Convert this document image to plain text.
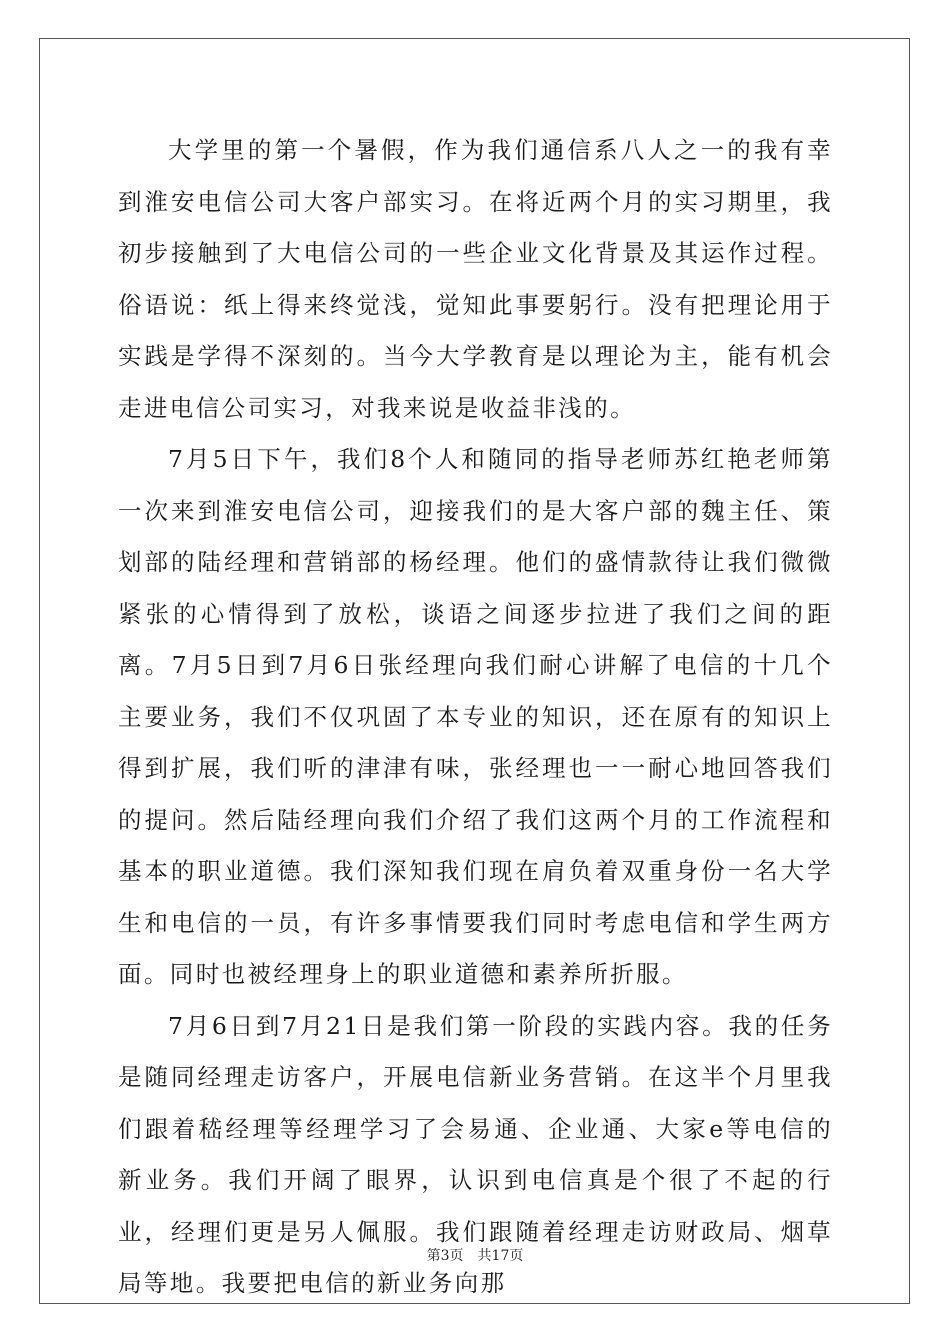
大学里的第一个暑假，作为我们通信系八人之一的我有幸到淮安电信公司大客户部实习。在将近两个月的实习期里，我初步接触到了大电信公司的一些企业文化背景及其运作过程。俗语说：纸上得来终觉浅，觉知此事要躬行。没有把理论用于实践是学得不深刻的。当今大学教育是以理论为主，能有机会走进电信公司实习，对我来说是收益非浅的。

7月5日下午，我们8个人和随同的指导老师苏红艳老师第一次来到淮安电信公司，迎接我们的是大客户部的魏主任、策划部的陆经理和营销部的杨经理。他们的盛情款待让我们微微紧张的心情得到了放松，谈语之间逐步拉进了我们之间的距离。7月5日到7月6日张经理向我们耐心讲解了电信的十几个主要业务，我们不仅巩固了本专业的知识，还在原有的知识上得到扩展，我们听的津津有味，张经理也一一耐心地回答我们的提问。然后陆经理向我们介绍了我们这两个月的工作流程和基本的职业道德。我们深知我们现在肩负着双重身份一名大学生和电信的一员，有许多事情要我们同时考虑电信和学生两方面。同时也被经理身上的职业道德和素养所折服。

7月6日到7月21日是我们第一阶段的实践内容。我的任务是随同经理走访客户，开展电信新业务营销。在这半个月里我们跟着嵇经理等经理学习了会易通、企业通、大家e等电信的新业务。我们开阔了眼界，认识到电信真是个很了不起的行业，经理们更是另人佩服。我们跟随着经理走访财政局、烟草局等地。我要把电信的新业务向那

第3页 共17页
